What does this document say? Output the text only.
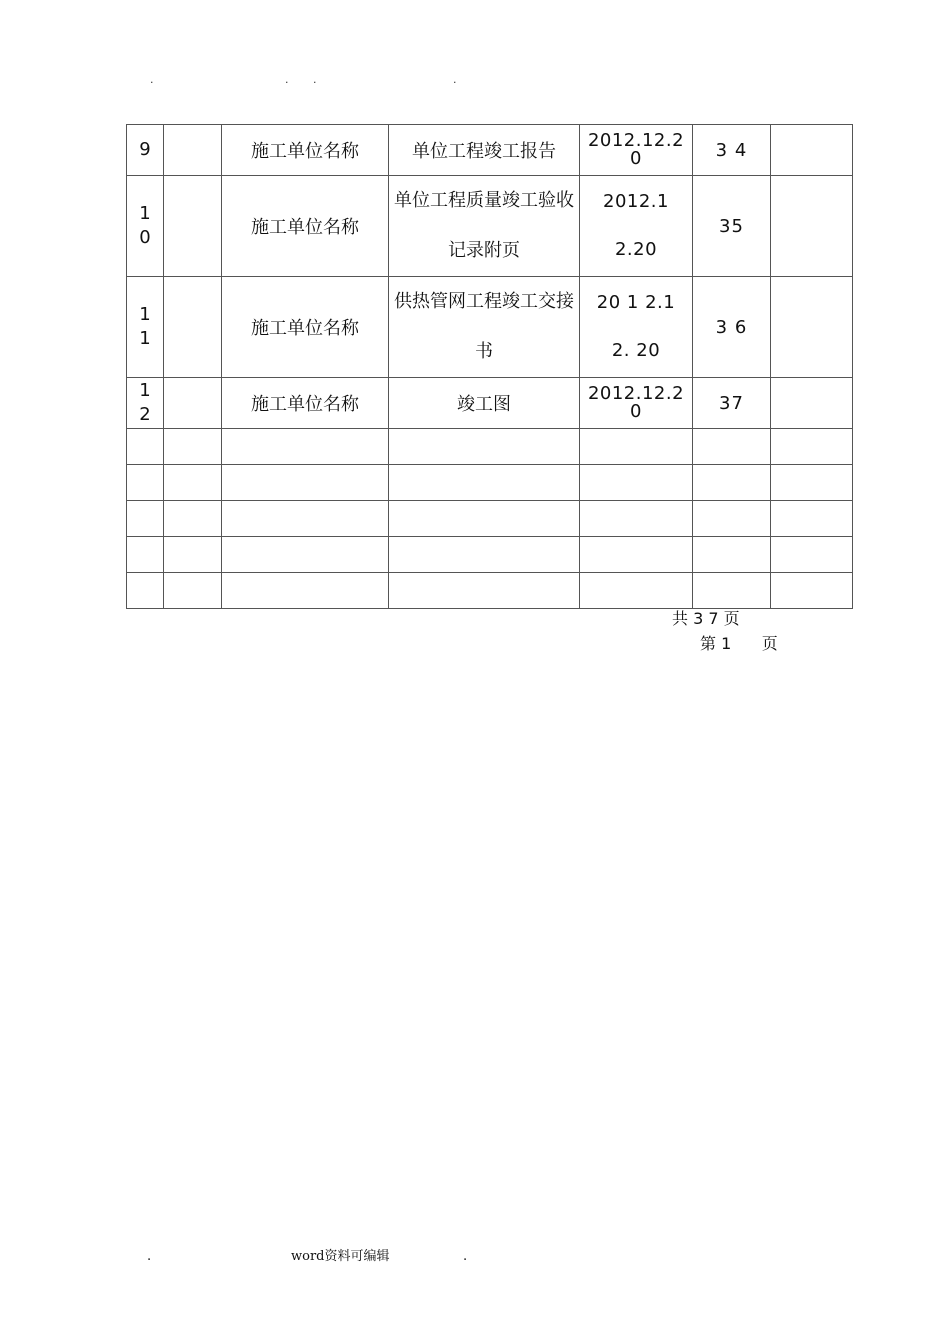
.	. .	.
9		施工单位名称	单位工程竣工报告	2012.12.20	3 4	
10		施工单位名称	单位工程质量竣工验收记录附页	2012.12.20	35	
11		施工单位名称	供热管网工程竣工交接书	20 1 2.1 2. 20	3 6	
12		施工单位名称	竣工图	2012.12.20	37	

共 3 7 页
第 1      页
.	word资料可编辑	.
